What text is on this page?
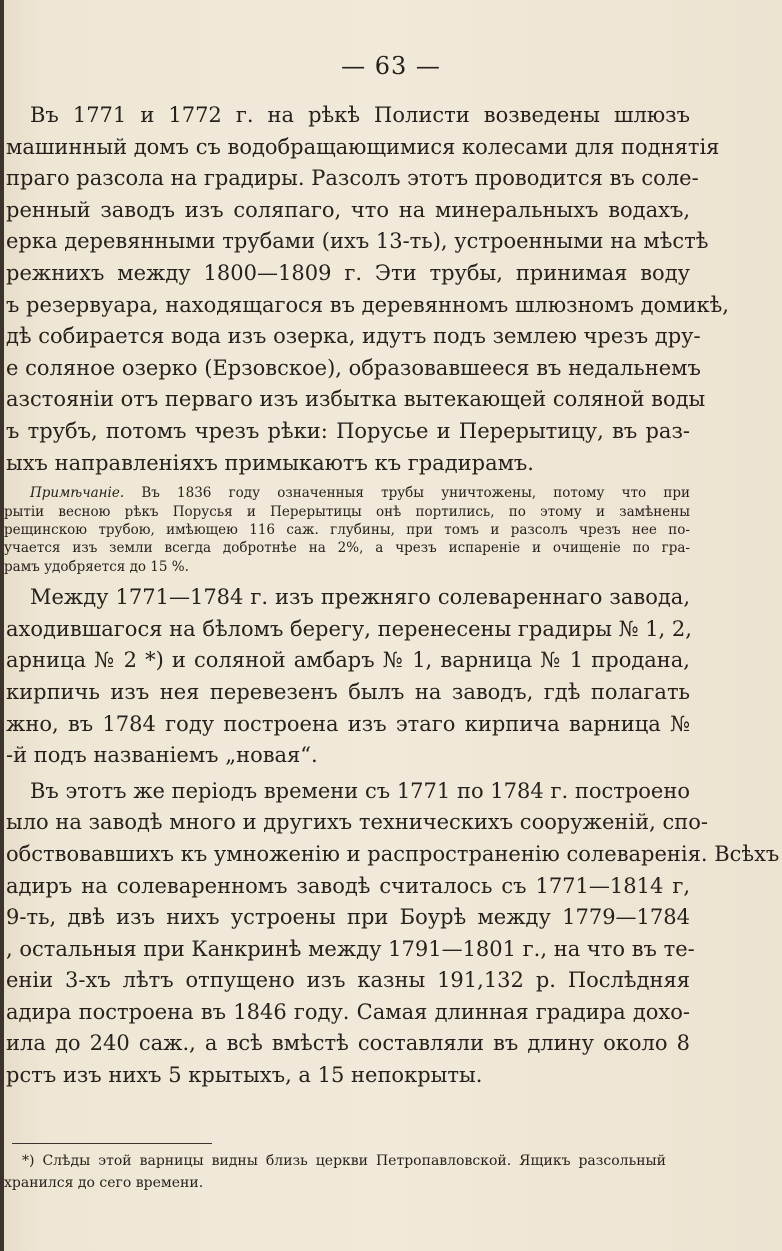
— 63 —
Въ 1771 и 1772 г. на рѣкѣ Полисти возведены шлюзъ
машинный домъ съ водобращающимися колесами для поднятія
праго разсола на градиры. Разсолъ этотъ проводится въ соле-
ренный заводъ изъ соляпаго, что на минеральныхъ водахъ,
ерка деревянными трубами (ихъ 13-ть), устроенными на мѣстѣ
режнихъ между 1800—1809 г. Эти трубы, принимая воду
ъ резервуара, находящагося въ деревянномъ шлюзномъ домикѣ,
дѣ собирается вода изъ озерка, идутъ подъ землею чрезъ дру-
е соляное озерко (Ерзовское), образовавшееся въ недальнемъ
азстояніи отъ перваго изъ избытка вытекающей соляной воды
ъ трубъ, потомъ чрезъ рѣки: Порусье и Перерытицу, въ раз-
ыхъ направленіяхъ примыкаютъ къ градирамъ.
Примѣчаніе. Въ 1836 году означенныя трубы уничтожены, потому что при
рытіи весною рѣкъ Порусья и Перерытицы онѣ портились, по этому и замѣнены
рещинскою трубою, имѣющею 116 саж. глубины, при томъ и разсолъ чрезъ нее по-
учается изъ земли всегда добротнѣе на 2%, а чрезъ испареніе и очищеніе по гра-
рамъ удобряется до 15 %.
Между 1771—1784 г. изъ прежняго солевареннаго завода,
аходившагося на бѣломъ берегу, перенесены градиры № 1, 2,
арница № 2 *) и соляной амбаръ № 1, варница № 1 продана,
кирпичь изъ нея перевезенъ былъ на заводъ, гдѣ полагать
жно, въ 1784 году построена изъ этаго кирпича варница №
-й подъ названіемъ „новая“.
Въ этотъ же періодъ времени съ 1771 по 1784 г. построено
ыло на заводѣ много и другихъ техническихъ сооруженій, спо-
обствовавшихъ къ умноженію и распространенію солеваренія. Всѣхъ
адиръ на солеваренномъ заводѣ считалось съ 1771—1814 г,
9-ть, двѣ изъ нихъ устроены при Боурѣ между 1779—1784
, остальныя при Канкринѣ между 1791—1801 г., на что въ те-
еніи 3-хъ лѣтъ отпущено изъ казны 191,132 р. Послѣдняя
адира построена въ 1846 году. Самая длинная градира дохо-
ила до 240 саж., а всѣ вмѣстѣ составляли въ длину около 8
рстъ изъ нихъ 5 крытыхъ, а 15 непокрыты.
*) Слѣды этой варницы видны близь церкви Петропавловской. Ящикъ разсольный
хранился до сего времени.
